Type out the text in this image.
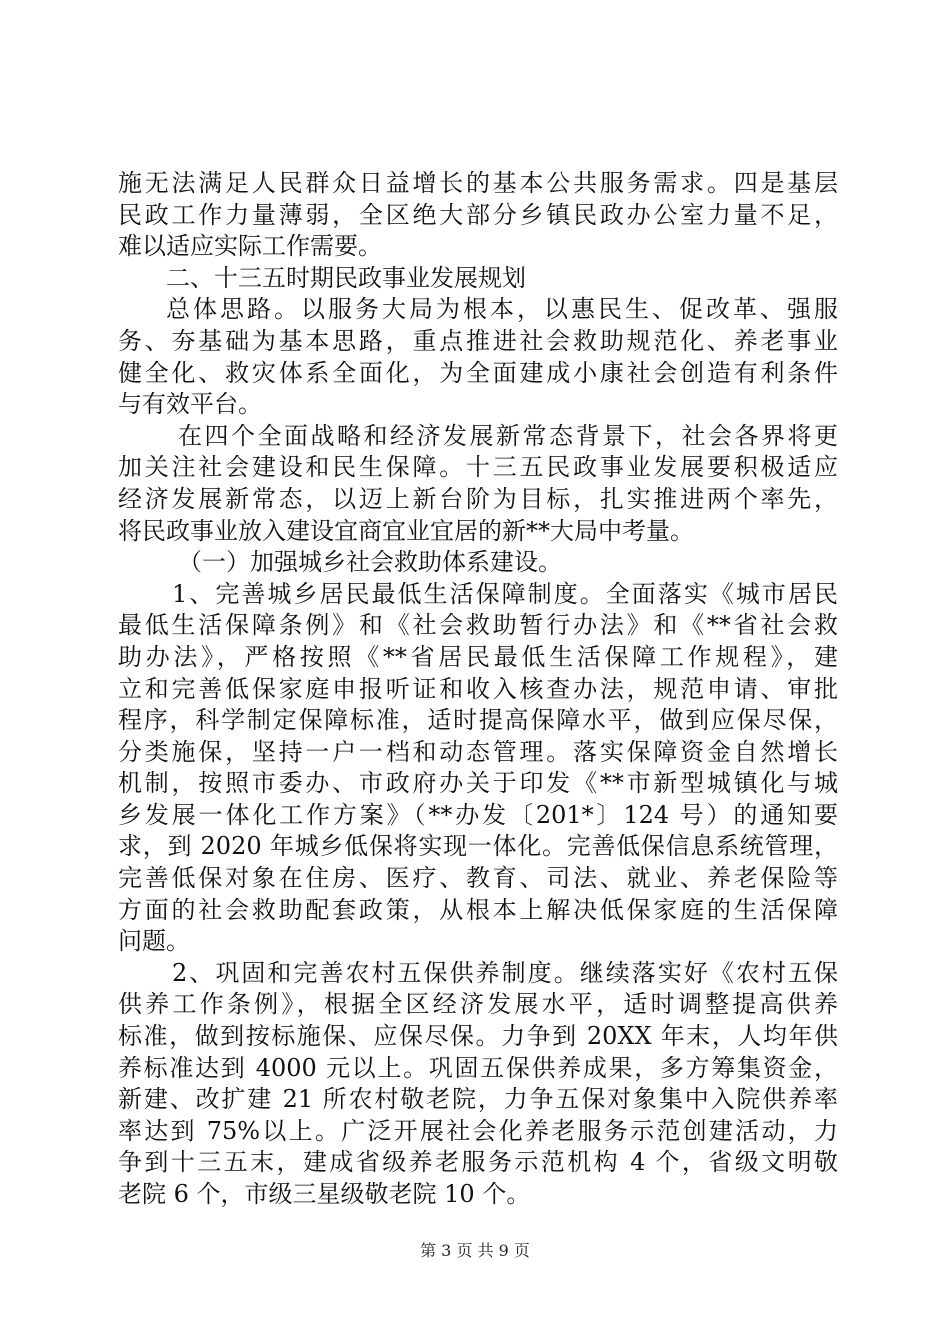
施无法满足人民群众日益增长的基本公共服务需求。四是基层
民政工作力量薄弱，全区绝大部分乡镇民政办公室力量不足，
难以适应实际工作需要。
二、十三五时期民政事业发展规划
总体思路。以服务大局为根本，以惠民生、促改革、强服
务、夯基础为基本思路，重点推进社会救助规范化、养老事业
健全化、救灾体系全面化，为全面建成小康社会创造有利条件
与有效平台。
在四个全面战略和经济发展新常态背景下，社会各界将更
加关注社会建设和民生保障。十三五民政事业发展要积极适应
经济发展新常态，以迈上新台阶为目标，扎实推进两个率先，
将民政事业放入建设宜商宜业宜居的新**大局中考量。
（一）加强城乡社会救助体系建设。
1、完善城乡居民最低生活保障制度。全面落实《城市居民
最低生活保障条例》和《社会救助暂行办法》和《**省社会救
助办法》，严格按照《**省居民最低生活保障工作规程》，建
立和完善低保家庭申报听证和收入核查办法，规范申请、审批
程序，科学制定保障标准，适时提高保障水平，做到应保尽保，
分类施保，坚持一户一档和动态管理。落实保障资金自然增长
机制，按照市委办、市政府办关于印发《**市新型城镇化与城
乡发展一体化工作方案》（**办发〔201*〕124 号）的通知要
求，到 2020 年城乡低保将实现一体化。完善低保信息系统管理，
完善低保对象在住房、医疗、教育、司法、就业、养老保险等
方面的社会救助配套政策，从根本上解决低保家庭的生活保障
问题。
2、巩固和完善农村五保供养制度。继续落实好《农村五保
供养工作条例》，根据全区经济发展水平，适时调整提高供养
标准，做到按标施保、应保尽保。力争到 20XX 年末，人均年供
养标准达到 4000 元以上。巩固五保供养成果，多方筹集资金，
新建、改扩建 21 所农村敬老院，力争五保对象集中入院供养率
率达到 75%以上。广泛开展社会化养老服务示范创建活动，力
争到十三五末，建成省级养老服务示范机构 4 个，省级文明敬
老院 6 个，市级三星级敬老院 10 个。
第 3 页 共 9 页
